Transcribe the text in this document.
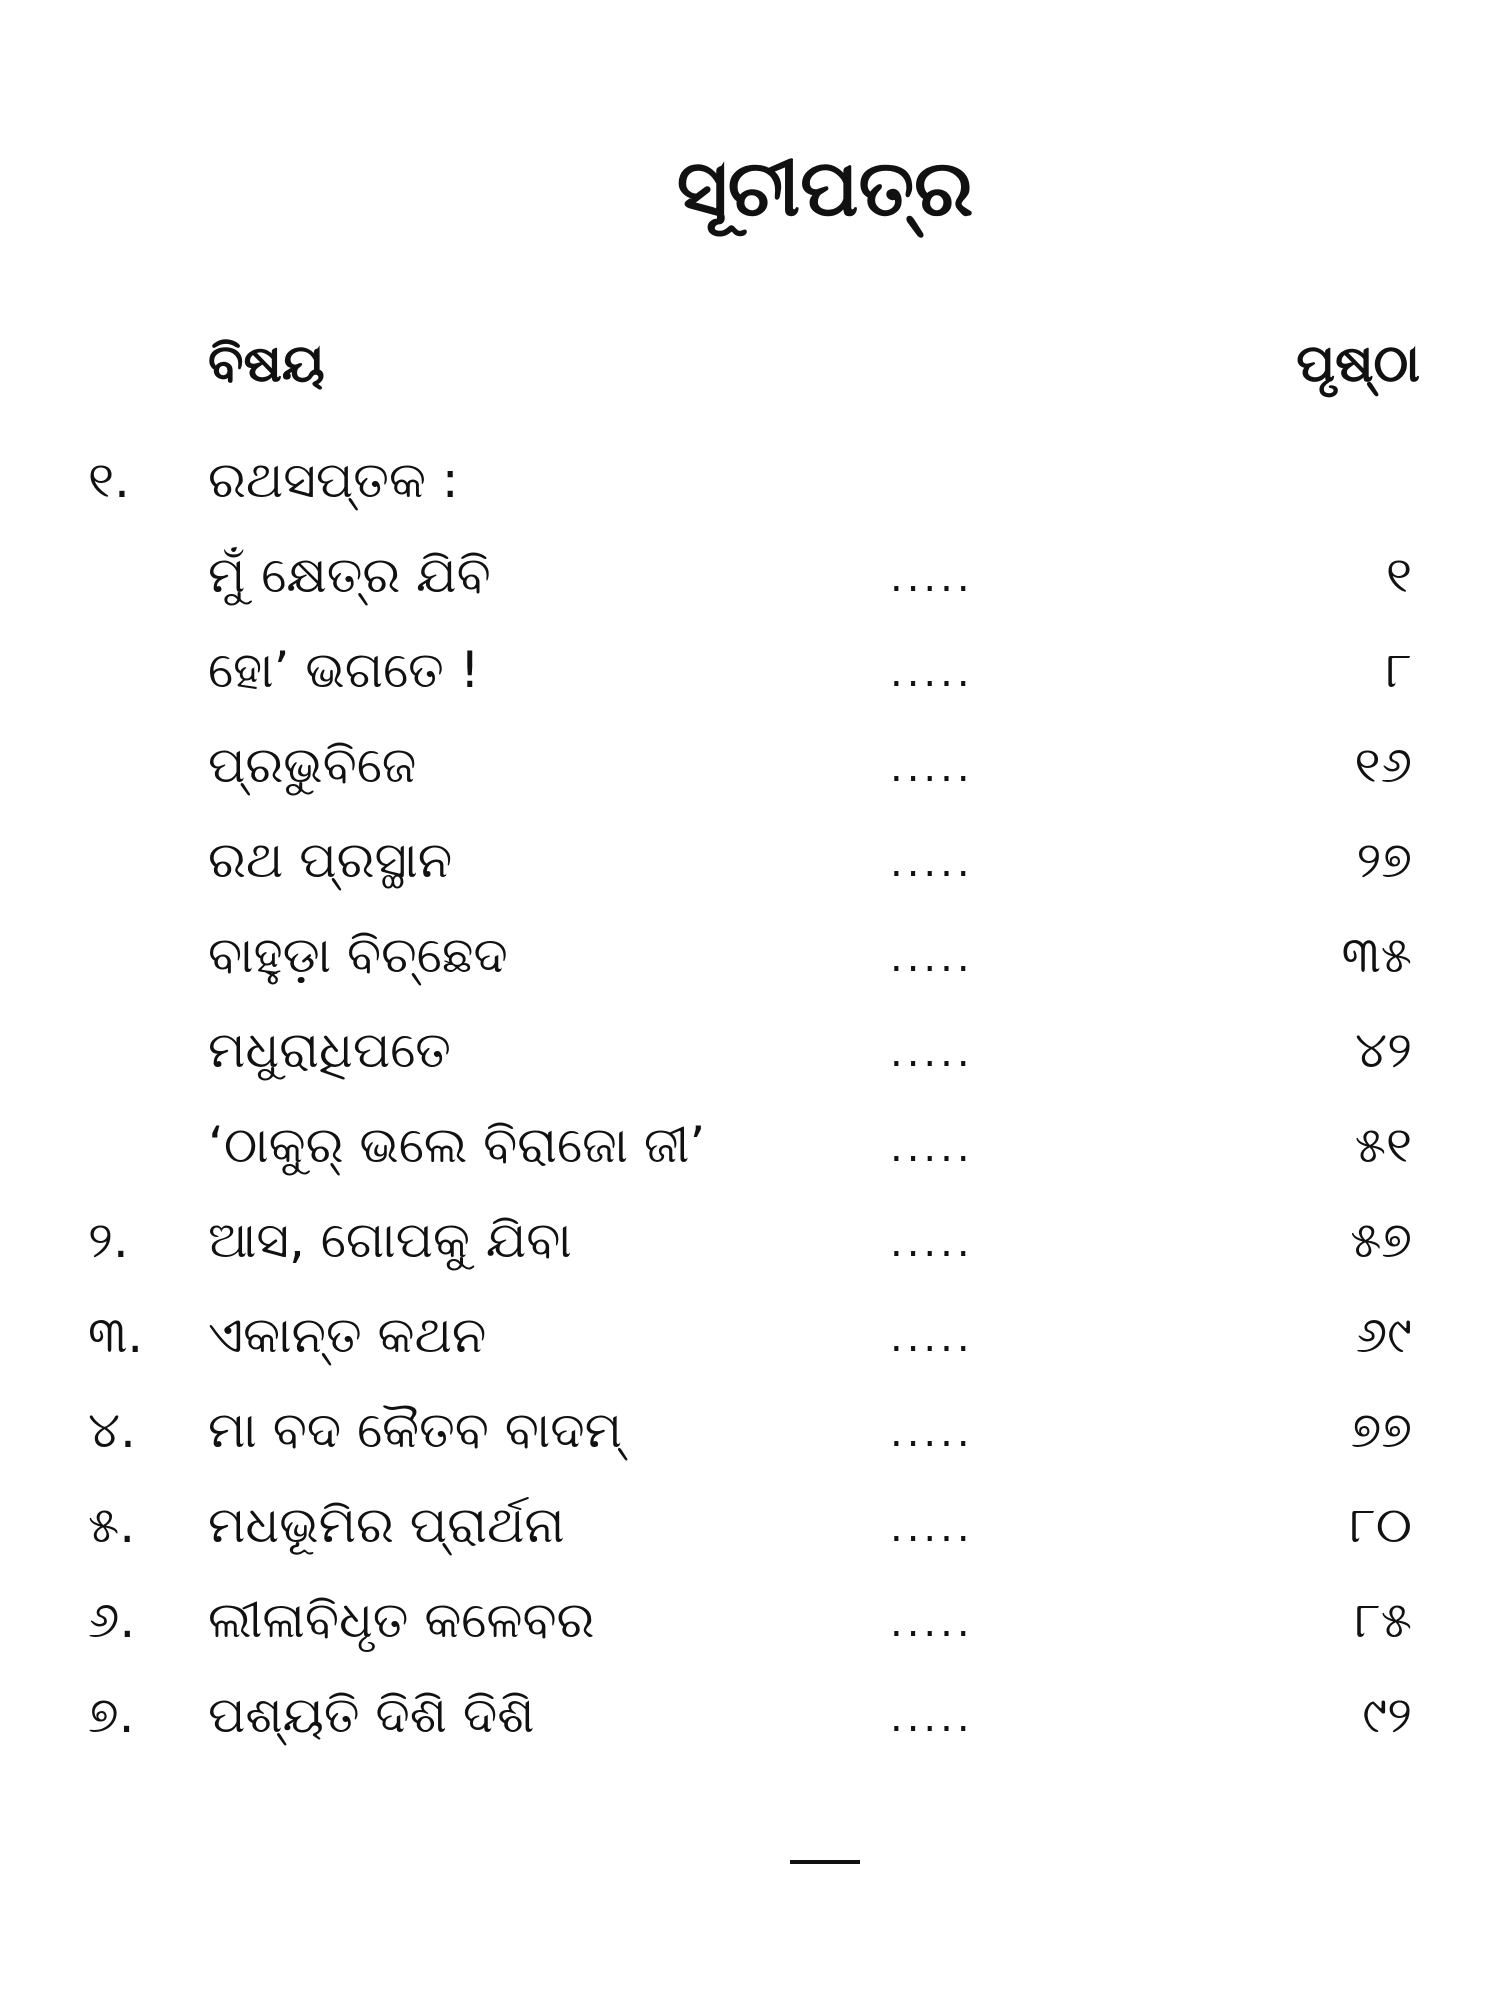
ସୂଚୀପତ୍ର
ବିଷୟ	ପୃଷ୍ଠା
୧. ରଥସପ୍ତକ :
ମୁଁ କ୍ଷେତ୍ର ଯିବି	.....	୧
ହୋ’ ଭଗତେ !	.....	୮
ପ୍ରଭୁବିଜେ	.....	୧୬
ରଥ ପ୍ରସ୍ଥାନ	.....	୨୭
ବାହୁଡ଼ା ବିଚ୍ଛେଦ	.....	୩୫
ମଧୁରାଧିପତେ	.....	୪୨
‘ଠାକୁର୍ ଭଲେ ବିରାଜୋ ଜୀ’	.....	୫୧
୨. ଆସ, ଗୋପକୁ ଯିବା	.....	୫୭
୩. ଏକାନ୍ତ କଥନ	.....	୬୯
୪. ମା ବଦ କୈତବ ବାଦମ୍	.....	୭୭
୫. ମଧଭୂମିର ପ୍ରାର୍ଥନା	.....	୮୦
୬. ଲୀଳାବିଧୃତ କଳେବର	.....	୮୫
୭. ପଶ୍ୟତି ଦିଶି ଦିଶି	.....	୯୨
